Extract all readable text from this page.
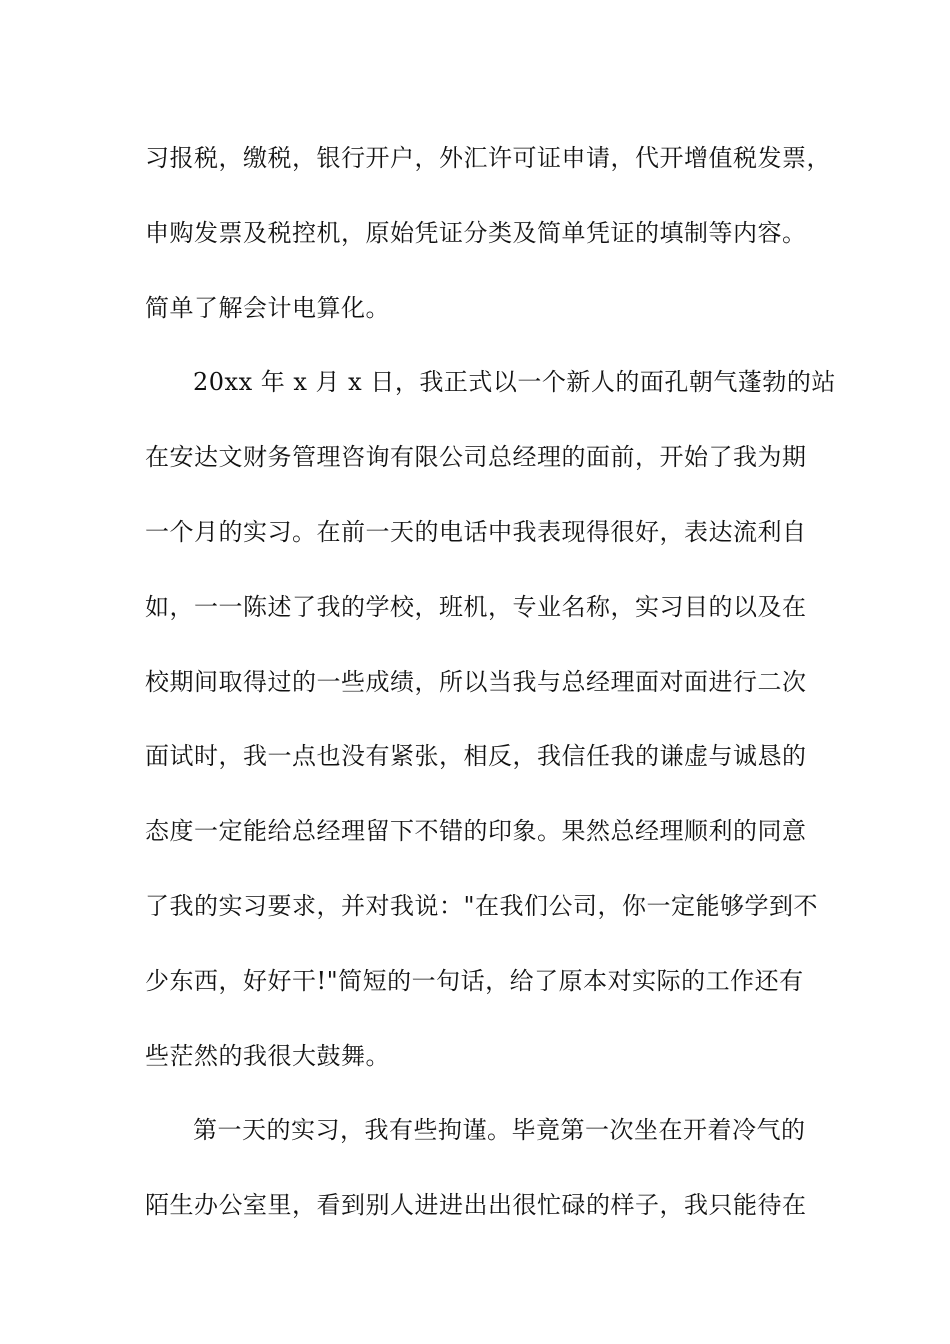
习报税，缴税，银行开户，外汇许可证申请，代开增值税发票，
申购发票及税控机，原始凭证分类及简单凭证的填制等内容。
简单了解会计电算化。
20xx 年 x 月 x 日，我正式以一个新人的面孔朝气蓬勃的站
在安达文财务管理咨询有限公司总经理的面前，开始了我为期
一个月的实习。在前一天的电话中我表现得很好，表达流利自
如，一一陈述了我的学校，班机，专业名称，实习目的以及在
校期间取得过的一些成绩，所以当我与总经理面对面进行二次
面试时，我一点也没有紧张，相反，我信任我的谦虚与诚恳的
态度一定能给总经理留下不错的印象。果然总经理顺利的同意
了我的实习要求，并对我说："在我们公司，你一定能够学到不
少东西，好好干!"简短的一句话，给了原本对实际的工作还有
些茫然的我很大鼓舞。
第一天的实习，我有些拘谨。毕竟第一次坐在开着冷气的
陌生办公室里，看到别人进进出出很忙碌的样子，我只能待在
